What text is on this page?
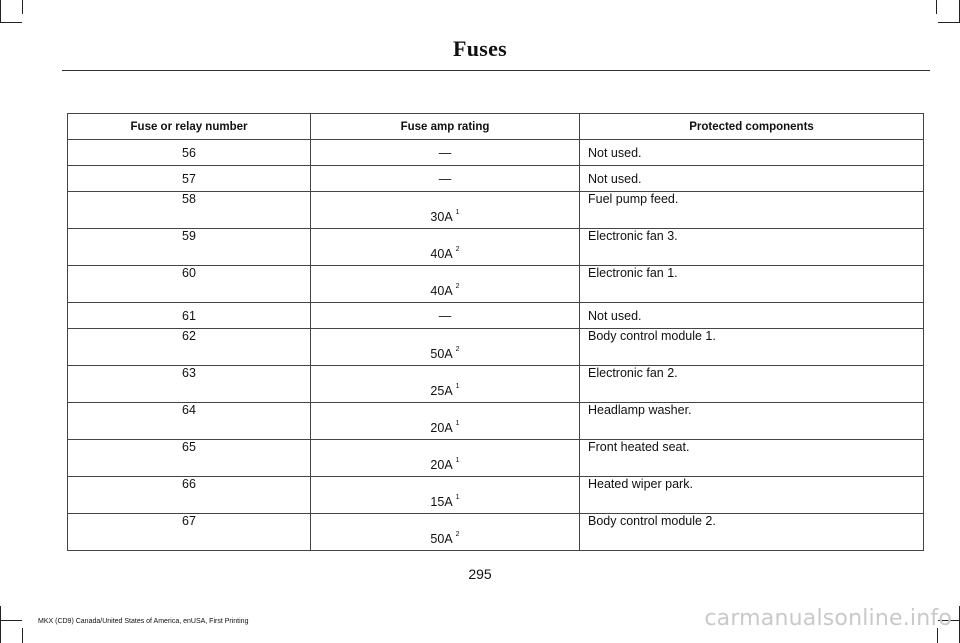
Fuses
Fuse or relay number	Fuse amp rating	Protected components
56	—	Not used.
57	—	Not used.
58	30A $^1$	Fuel pump feed.
59	40A $^2$	Electronic fan 3.
60	40A $^2$	Electronic fan 1.
61	—	Not used.
62	50A $^2$	Body control module 1.
63	25A $^1$	Electronic fan 2.
64	20A $^1$	Headlamp washer.
65	20A $^1$	Front heated seat.
66	15A $^1$	Heated wiper park.
67	50A $^2$	Body control module 2.
295
MKX (CD9) Canada/United States of America, enUSA, First Printing	carmanualsonline.info
